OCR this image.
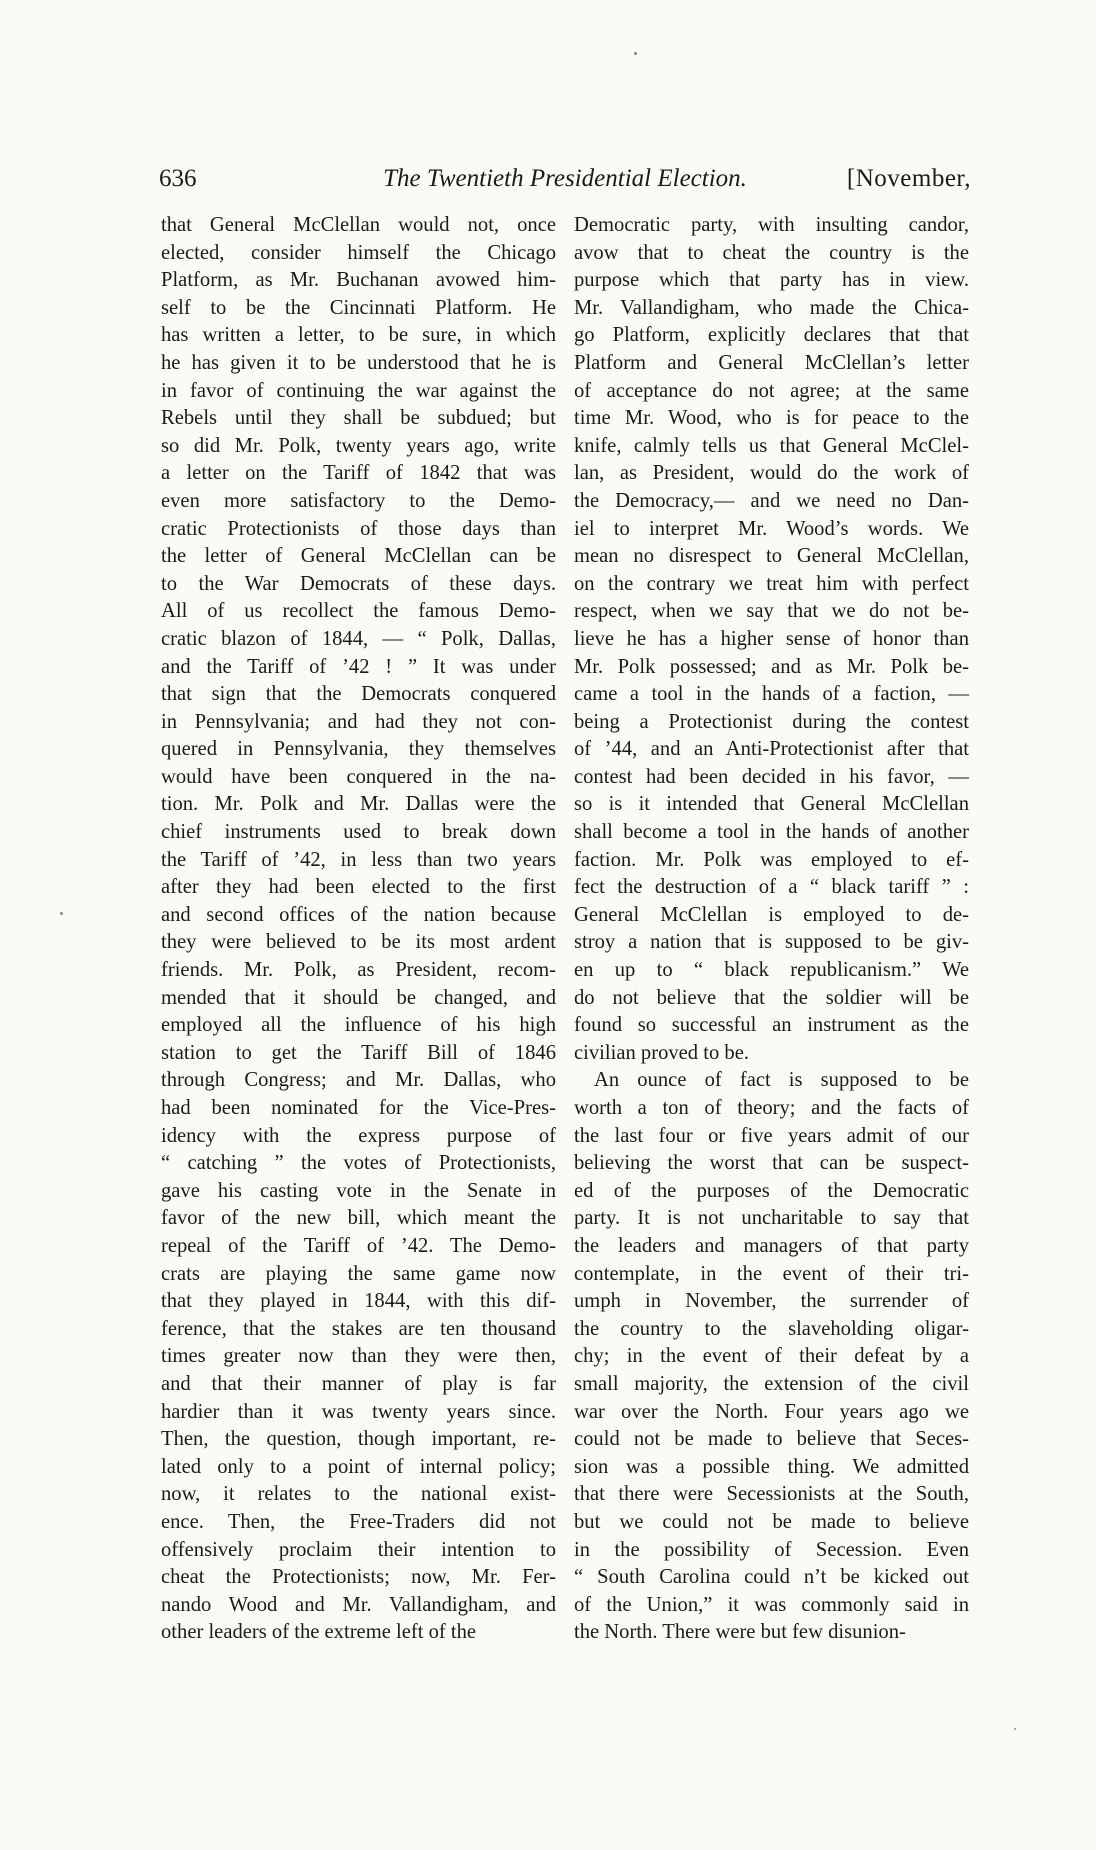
636	The Twentieth Presidential Election.	[November,
that General McClellan would not, once
elected, consider himself the Chicago
Platform, as Mr. Buchanan avowed him-
self to be the Cincinnati Platform. He
has written a letter, to be sure, in which
he has given it to be understood that he is
in favor of continuing the war against the
Rebels until they shall be subdued; but
so did Mr. Polk, twenty years ago, write
a letter on the Tariff of 1842 that was
even more satisfactory to the Demo-
cratic Protectionists of those days than
the letter of General McClellan can be
to the War Democrats of these days.
All of us recollect the famous Demo-
cratic blazon of 1844, — “ Polk, Dallas,
and the Tariff of ’42 ! ” It was under
that sign that the Democrats conquered
in Pennsylvania; and had they not con-
quered in Pennsylvania, they themselves
would have been conquered in the na-
tion. Mr. Polk and Mr. Dallas were the
chief instruments used to break down
the Tariff of ’42, in less than two years
after they had been elected to the first
and second offices of the nation because
they were believed to be its most ardent
friends. Mr. Polk, as President, recom-
mended that it should be changed, and
employed all the influence of his high
station to get the Tariff Bill of 1846
through Congress; and Mr. Dallas, who
had been nominated for the Vice-Pres-
idency with the express purpose of
“ catching ” the votes of Protectionists,
gave his casting vote in the Senate in
favor of the new bill, which meant the
repeal of the Tariff of ’42. The Demo-
crats are playing the same game now
that they played in 1844, with this dif-
ference, that the stakes are ten thousand
times greater now than they were then,
and that their manner of play is far
hardier than it was twenty years since.
Then, the question, though important, re-
lated only to a point of internal policy;
now, it relates to the national exist-
ence. Then, the Free-Traders did not
offensively proclaim their intention to
cheat the Protectionists; now, Mr. Fer-
nando Wood and Mr. Vallandigham, and
other leaders of the extreme left of the
Democratic party, with insulting candor,
avow that to cheat the country is the
purpose which that party has in view.
Mr. Vallandigham, who made the Chica-
go Platform, explicitly declares that that
Platform and General McClellan’s letter
of acceptance do not agree; at the same
time Mr. Wood, who is for peace to the
knife, calmly tells us that General McClel-
lan, as President, would do the work of
the Democracy,— and we need no Dan-
iel to interpret Mr. Wood’s words. We
mean no disrespect to General McClellan,
on the contrary we treat him with perfect
respect, when we say that we do not be-
lieve he has a higher sense of honor than
Mr. Polk possessed; and as Mr. Polk be-
came a tool in the hands of a faction, —
being a Protectionist during the contest
of ’44, and an Anti-Protectionist after that
contest had been decided in his favor, —
so is it intended that General McClellan
shall become a tool in the hands of another
faction. Mr. Polk was employed to ef-
fect the destruction of a “ black tariff ” :
General McClellan is employed to de-
stroy a nation that is supposed to be giv-
en up to “ black republicanism.” We
do not believe that the soldier will be
found so successful an instrument as the
civilian proved to be.
An ounce of fact is supposed to be
worth a ton of theory; and the facts of
the last four or five years admit of our
believing the worst that can be suspect-
ed of the purposes of the Democratic
party. It is not uncharitable to say that
the leaders and managers of that party
contemplate, in the event of their tri-
umph in November, the surrender of
the country to the slaveholding oligar-
chy; in the event of their defeat by a
small majority, the extension of the civil
war over the North. Four years ago we
could not be made to believe that Seces-
sion was a possible thing. We admitted
that there were Secessionists at the South,
but we could not be made to believe
in the possibility of Secession. Even
“ South Carolina could n’t be kicked out
of the Union,” it was commonly said in
the North. There were but few disunion-
